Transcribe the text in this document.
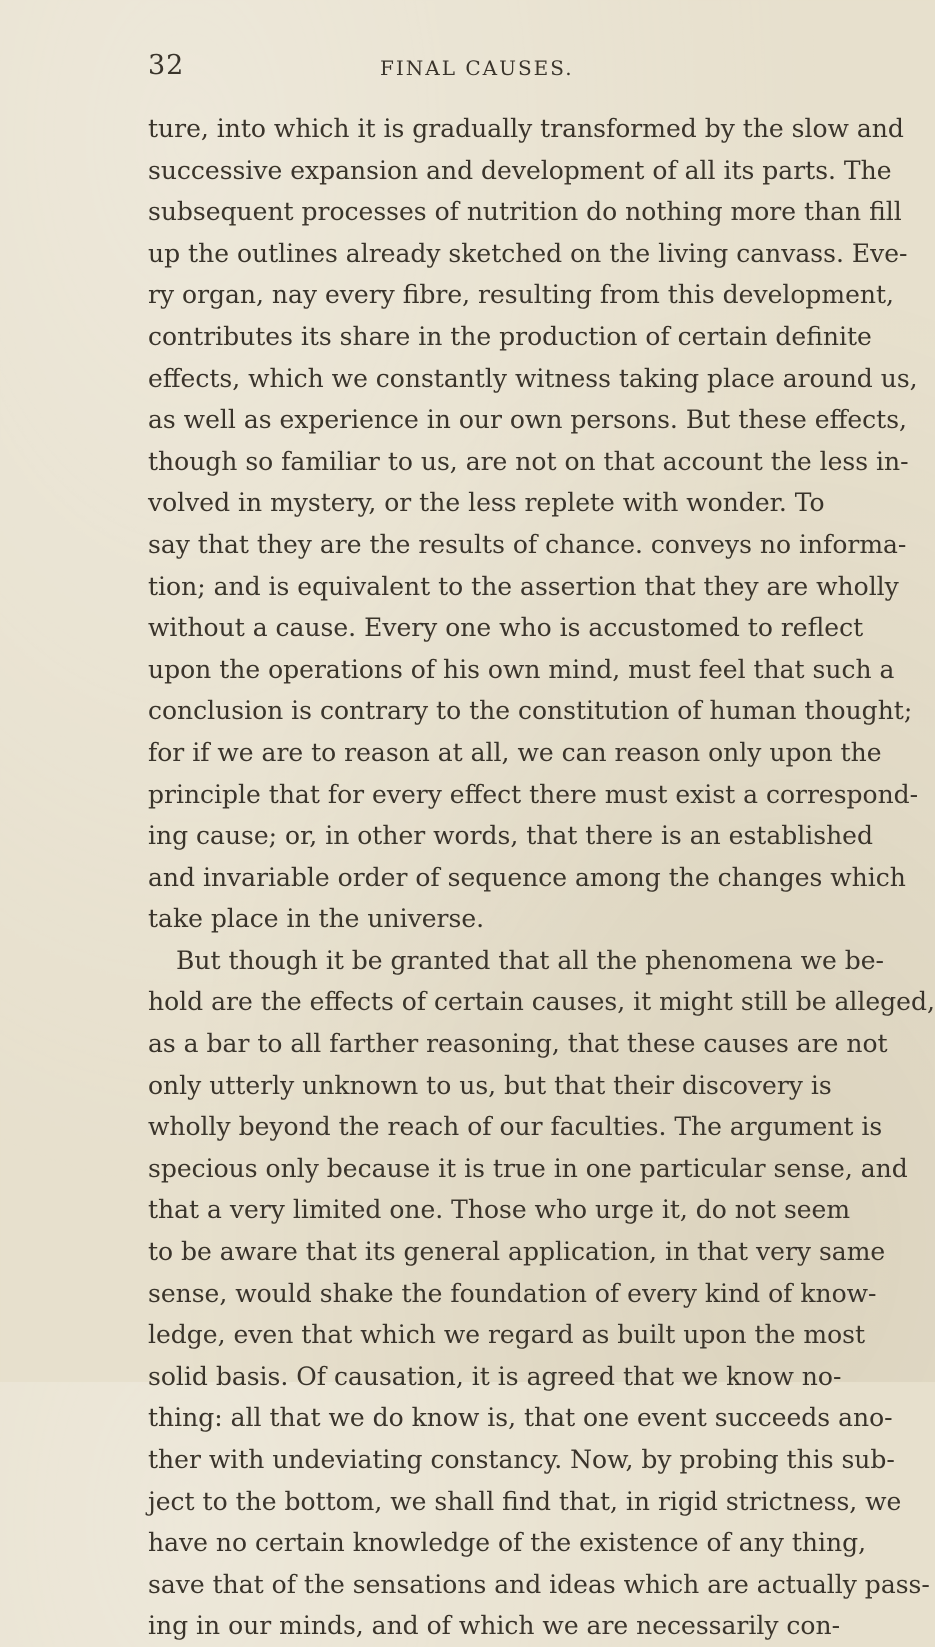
32	FINAL CAUSES.
ture, into which it is gradually transformed by the slow and
successive expansion and development of all its parts. The
subsequent processes of nutrition do nothing more than fill
up the outlines already sketched on the living canvass. Eve-
ry organ, nay every fibre, resulting from this development,
contributes its share in the production of certain definite
effects, which we constantly witness taking place around us,
as well as experience in our own persons. But these effects,
though so familiar to us, are not on that account the less in-
volved in mystery, or the less replete with wonder. To
say that they are the results of chance. conveys no informa-
tion; and is equivalent to the assertion that they are wholly
without a cause. Every one who is accustomed to reflect
upon the operations of his own mind, must feel that such a
conclusion is contrary to the constitution of human thought;
for if we are to reason at all, we can reason only upon the
principle that for every effect there must exist a correspond-
ing cause; or, in other words, that there is an established
and invariable order of sequence among the changes which
take place in the universe.
But though it be granted that all the phenomena we be-
hold are the effects of certain causes, it might still be alleged,
as a bar to all farther reasoning, that these causes are not
only utterly unknown to us, but that their discovery is
wholly beyond the reach of our faculties. The argument is
specious only because it is true in one particular sense, and
that a very limited one. Those who urge it, do not seem
to be aware that its general application, in that very same
sense, would shake the foundation of every kind of know-
ledge, even that which we regard as built upon the most
solid basis. Of causation, it is agreed that we know no-
thing: all that we do know is, that one event succeeds ano-
ther with undeviating constancy. Now, by probing this sub-
ject to the bottom, we shall find that, in rigid strictness, we
have no certain knowledge of the existence of any thing,
save that of the sensations and ideas which are actually pass-
ing in our minds, and of which we are necessarily con-
